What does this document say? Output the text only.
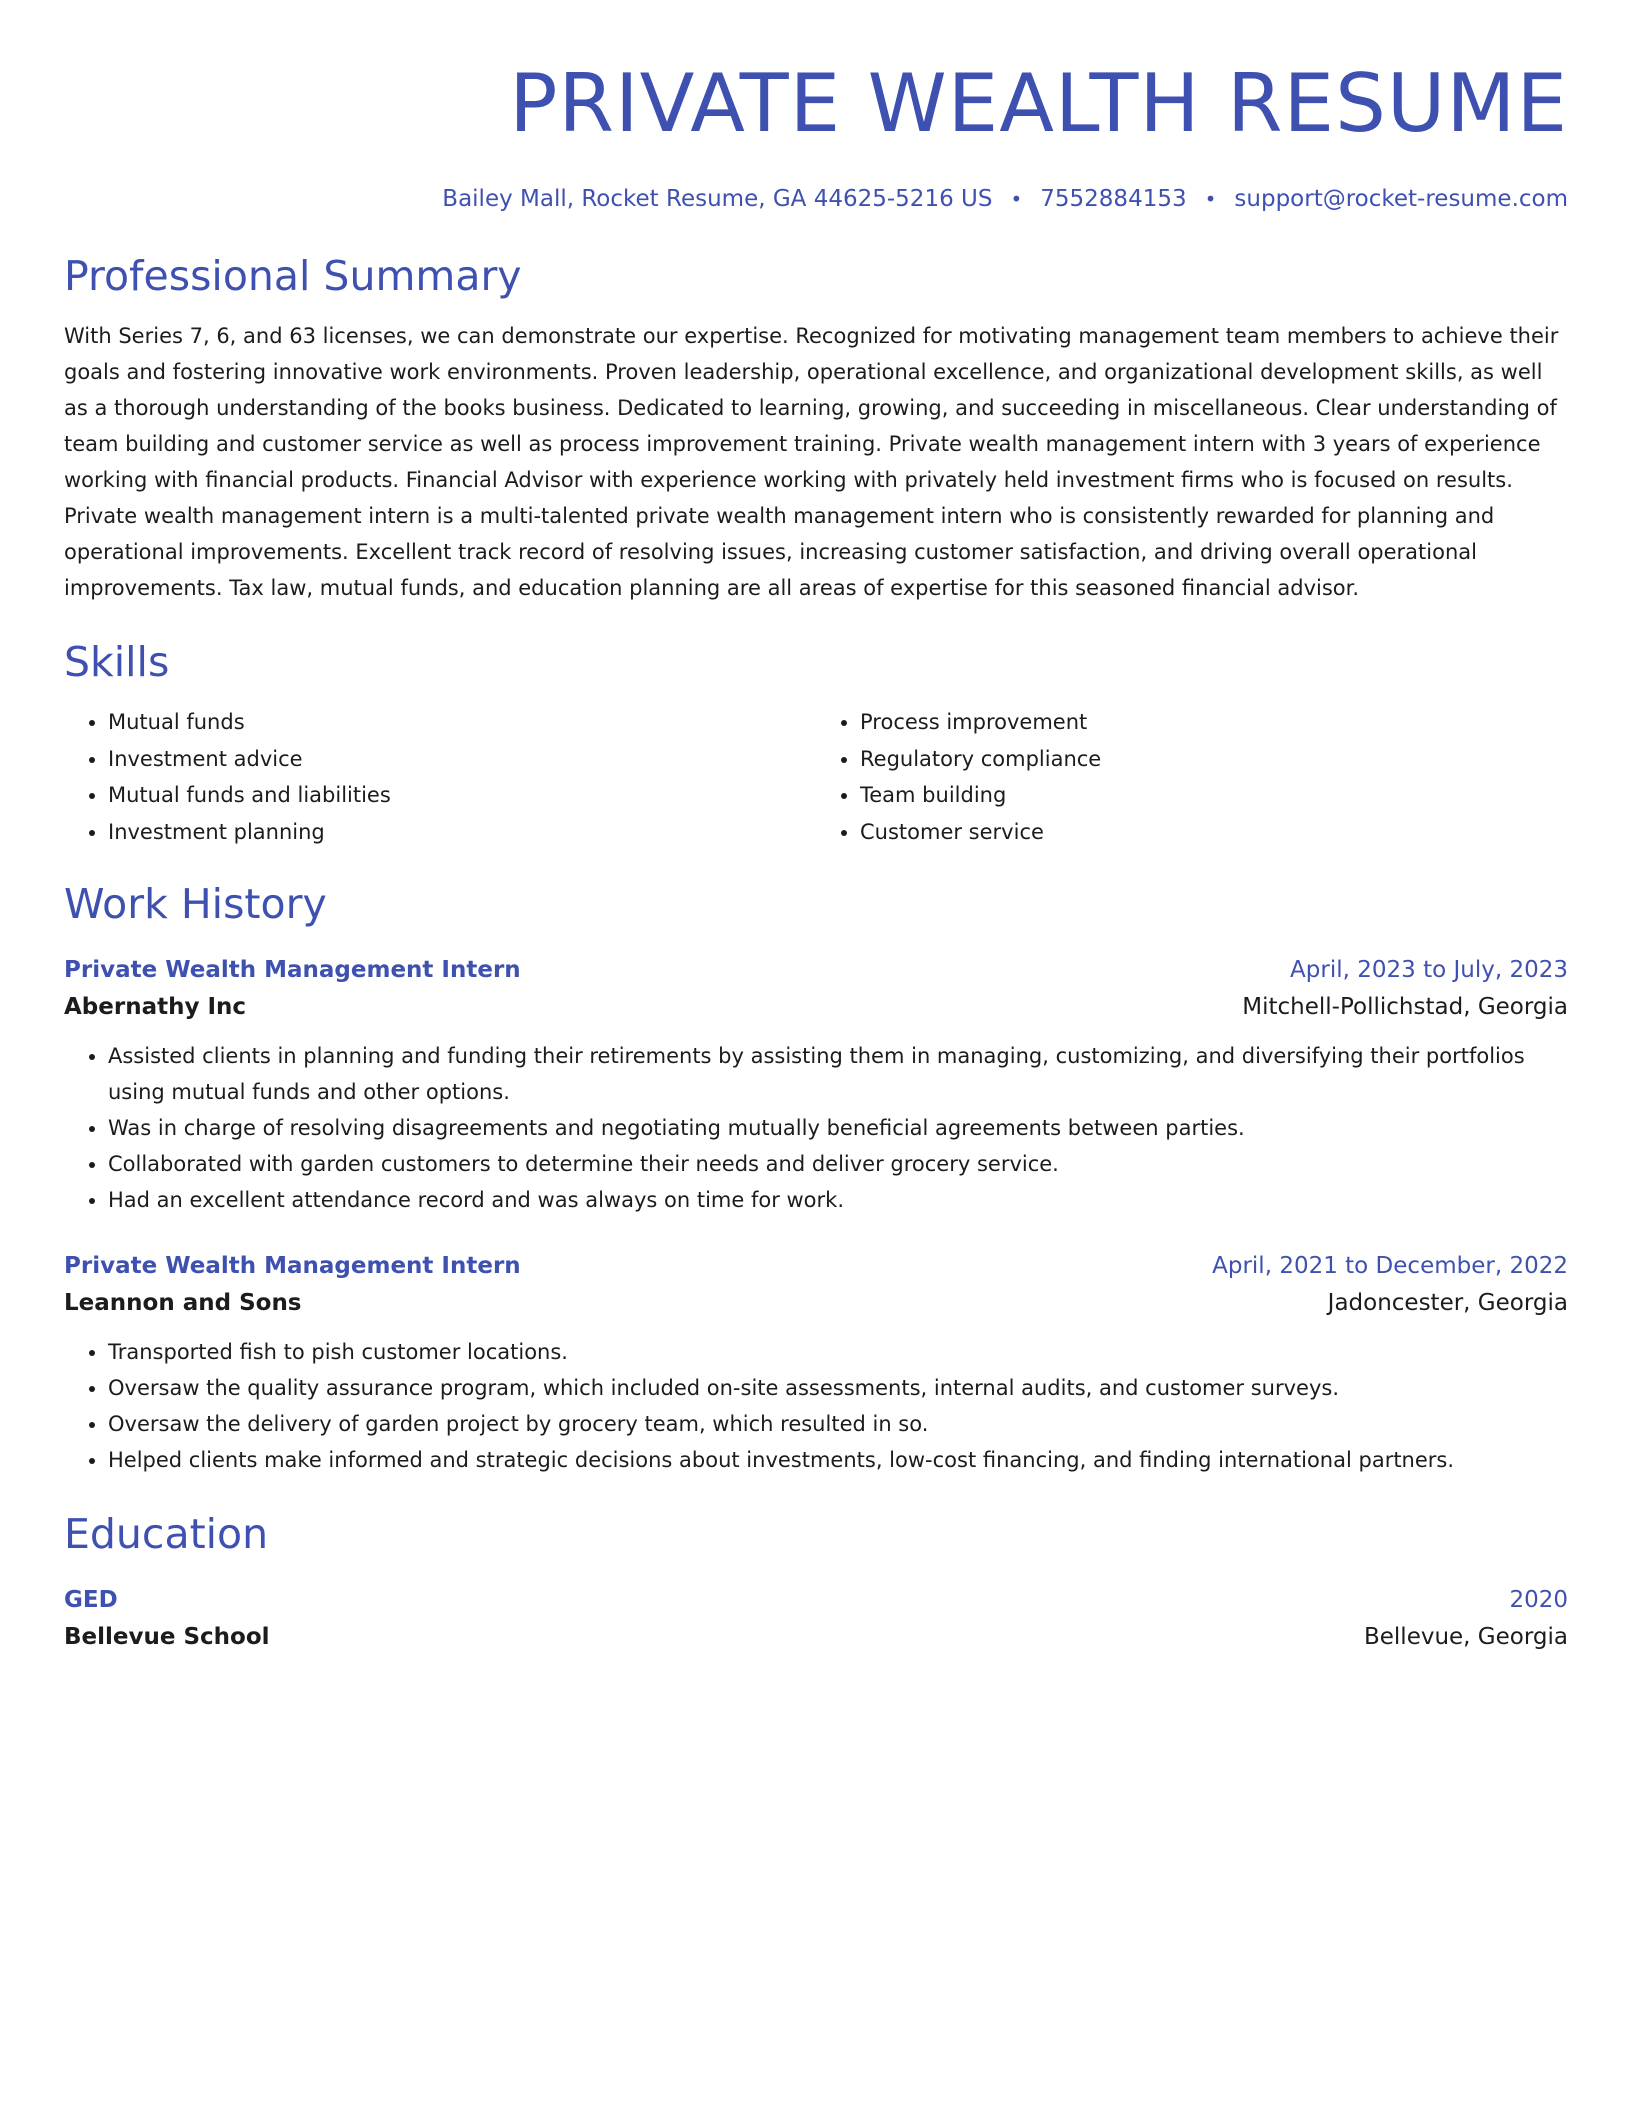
PRIVATE WEALTH RESUME
Bailey Mall, Rocket Resume, GA 44625-5216 US • 7552884153 • support@rocket-resume.com
Professional Summary

With Series 7, 6, and 63 licenses, we can demonstrate our expertise. Recognized for motivating management team members to achieve their goals and fostering innovative work environments. Proven leadership, operational excellence, and organizational development skills, as well as a thorough understanding of the books business. Dedicated to learning, growing, and succeeding in miscellaneous. Clear understanding of team building and customer service as well as process improvement training. Private wealth management intern with 3 years of experience working with financial products. Financial Advisor with experience working with privately held investment firms who is focused on results. Private wealth management intern is a multi-talented private wealth management intern who is consistently rewarded for planning and operational improvements. Excellent track record of resolving issues, increasing customer satisfaction, and driving overall operational improvements. Tax law, mutual funds, and education planning are all areas of expertise for this seasoned financial advisor.

Skills
• Mutual funds
• Investment advice
• Mutual funds and liabilities
• Investment planning
• Process improvement
• Regulatory compliance
• Team building
• Customer service
Work History
Private Wealth Management Intern	April, 2023 to July, 2023
Abernathy Inc	Mitchell-Pollichstad, Georgia
• Assisted clients in planning and funding their retirements by assisting them in managing, customizing, and diversifying their portfolios using mutual funds and other options.
• Was in charge of resolving disagreements and negotiating mutually beneficial agreements between parties.
• Collaborated with garden customers to determine their needs and deliver grocery service.
• Had an excellent attendance record and was always on time for work.
Private Wealth Management Intern	April, 2021 to December, 2022
Leannon and Sons	Jadoncester, Georgia
• Transported fish to pish customer locations.
• Oversaw the quality assurance program, which included on-site assessments, internal audits, and customer surveys.
• Oversaw the delivery of garden project by grocery team, which resulted in so.
• Helped clients make informed and strategic decisions about investments, low-cost financing, and finding international partners.
Education
GED	2020
Bellevue School	Bellevue, Georgia
